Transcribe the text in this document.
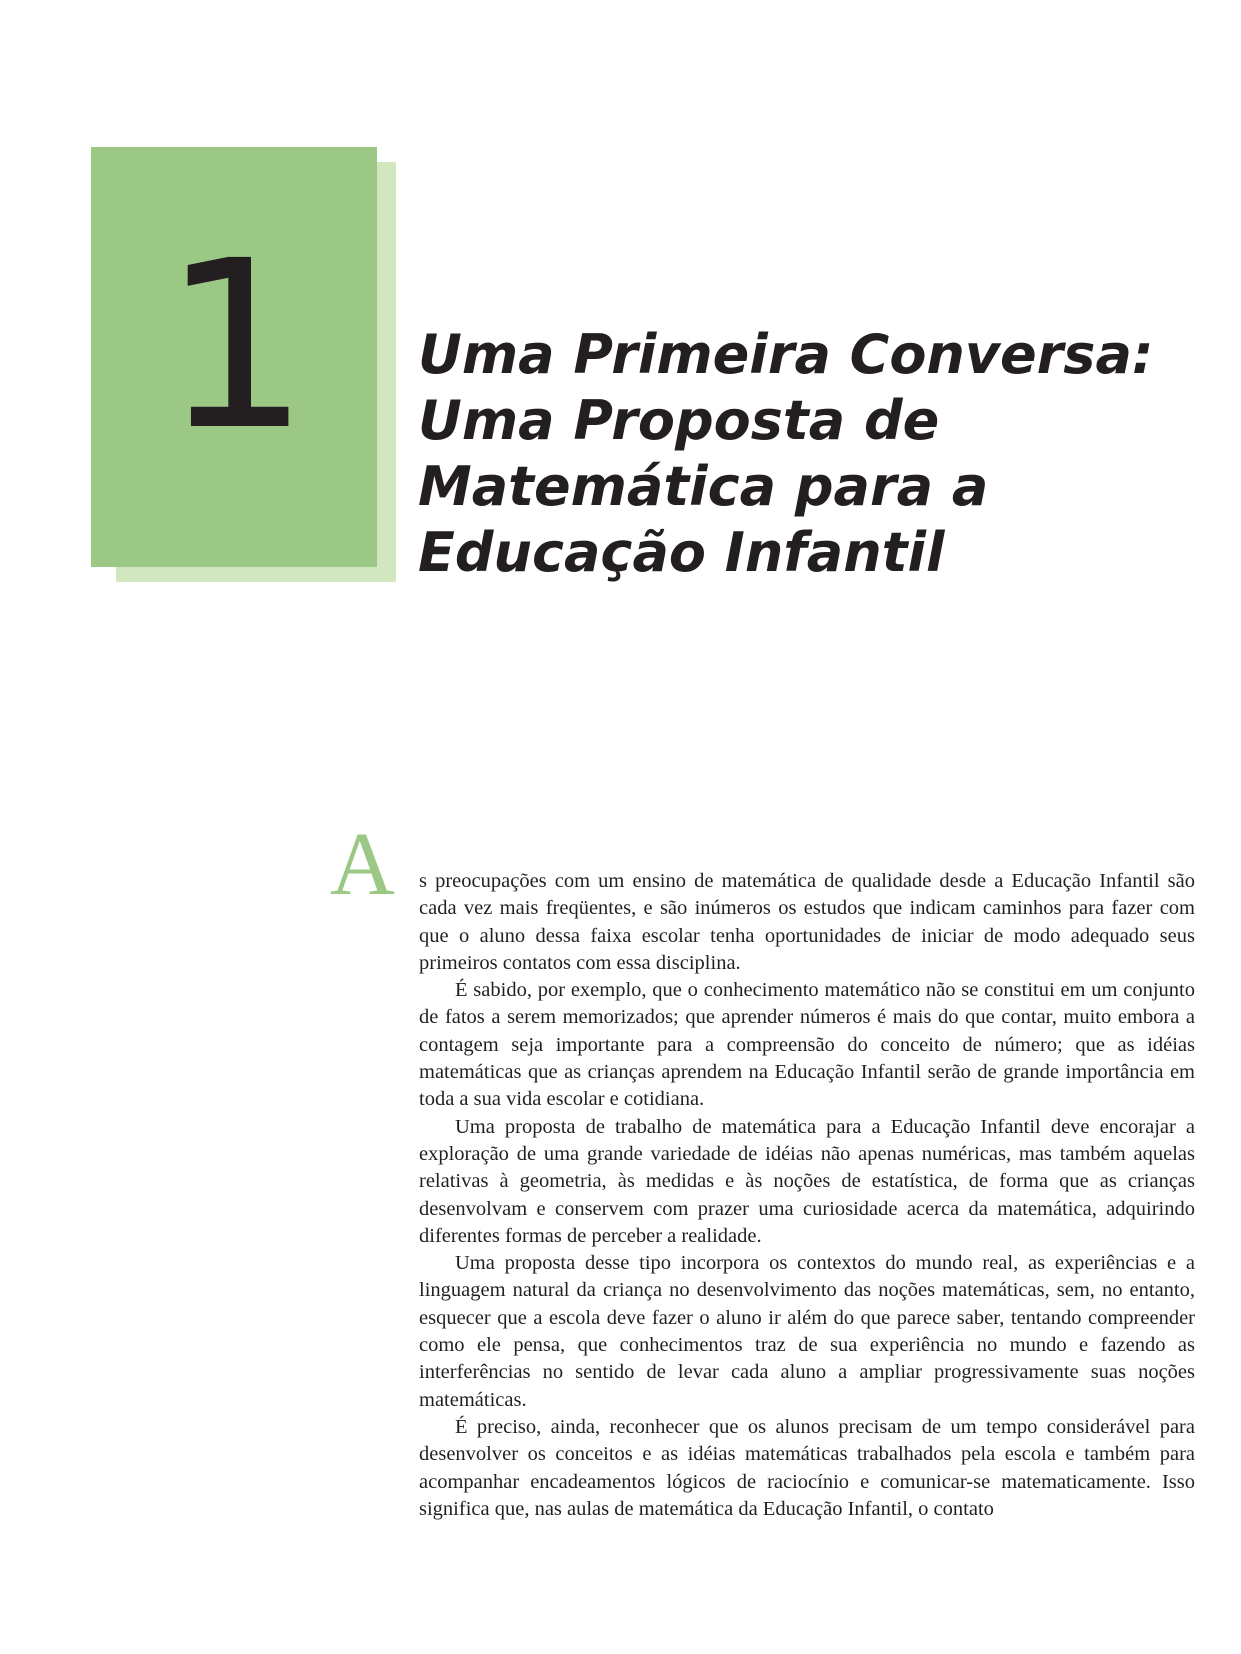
1	Uma Primeira Conversa:
Uma Proposta de
Matemática para a
Educação Infantil
A s preocupações com um ensino de matemática de qualidade desde a Educação Infantil são cada vez mais freqüentes, e são inúmeros os estudos que indicam caminhos para fazer com que o aluno dessa faixa escolar tenha oportunidades de iniciar de modo adequado seus primeiros contatos com essa disciplina.

É sabido, por exemplo, que o conhecimento matemático não se constitui em um conjunto de fatos a serem memorizados; que aprender números é mais do que contar, muito embora a contagem seja importante para a compreensão do conceito de número; que as idéias matemáticas que as crianças aprendem na Educação Infantil serão de grande importância em toda a sua vida escolar e cotidiana.

Uma proposta de trabalho de matemática para a Educação Infantil deve encorajar a exploração de uma grande variedade de idéias não apenas numéricas, mas também aquelas relativas à geometria, às medidas e às noções de estatística, de forma que as crianças desenvolvam e conservem com prazer uma curiosidade acerca da matemática, adquirindo diferentes formas de perceber a realidade.

Uma proposta desse tipo incorpora os contextos do mundo real, as experiências e a linguagem natural da criança no desenvolvimento das noções matemáticas, sem, no entanto, esquecer que a escola deve fazer o aluno ir além do que parece saber, tentando compreender como ele pensa, que conhecimentos traz de sua experiência no mundo e fazendo as interferências no sentido de levar cada aluno a ampliar progressivamente suas noções matemáticas.

É preciso, ainda, reconhecer que os alunos precisam de um tempo considerável para desenvolver os conceitos e as idéias matemáticas trabalhados pela escola e também para acompanhar encadeamentos lógicos de raciocínio e comunicar-se matematicamente. Isso significa que, nas aulas de matemática da Educação Infantil, o contato
